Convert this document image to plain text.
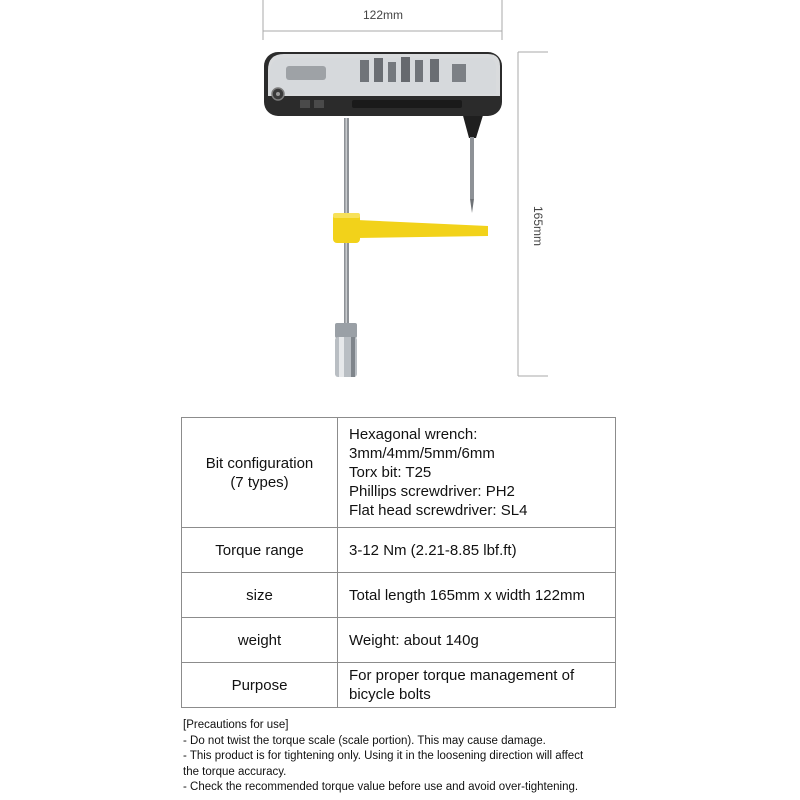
122mm
165mm
Bit configuration
(7 types)	Hexagonal wrench:
3mm/4mm/5mm/6mm
Torx bit: T25
Phillips screwdriver: PH2
Flat head screwdriver: SL4

Torque range	3-12 Nm (2.21-8.85 lbf.ft)

size	Total length 165mm x width 122mm

weight	Weight: about 140g

Purpose	For proper torque management of
bicycle bolts
[Precautions for use]
- Do not twist the torque scale (scale portion). This may cause damage.
- This product is for tightening only. Using it in the loosening direction will affect
the torque accuracy.
- Check the recommended torque value before use and avoid over-tightening.
